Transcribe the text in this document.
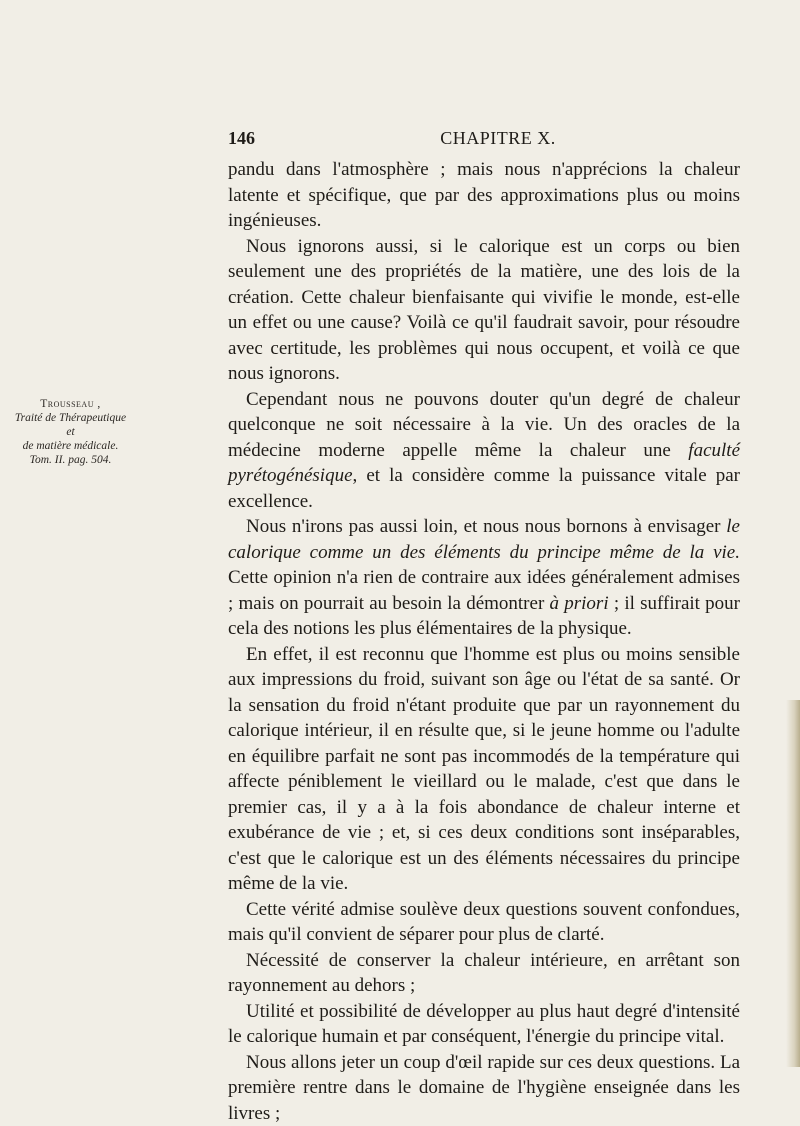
146	CHAPITRE X.
Trousseau ,
Traité de Thérapeutique
et
de matière médicale.
Tom. II. pag. 504.

pandu dans l'atmosphère ; mais nous n'apprécions la chaleur latente et spécifique, que par des approximations plus ou moins ingénieuses.

Nous ignorons aussi, si le calorique est un corps ou bien seulement une des propriétés de la matière, une des lois de la création. Cette chaleur bienfaisante qui vivifie le monde, est-elle un effet ou une cause? Voilà ce qu'il faudrait savoir, pour résoudre avec certitude, les problèmes qui nous occupent, et voilà ce que nous ignorons.

Cependant nous ne pouvons douter qu'un degré de chaleur quelconque ne soit nécessaire à la vie. Un des oracles de la médecine moderne appelle même la chaleur une faculté pyrétogénésique, et la considère comme la puissance vitale par excellence.

Nous n'irons pas aussi loin, et nous nous bornons à envisager le calorique comme un des éléments du principe même de la vie. Cette opinion n'a rien de contraire aux idées généralement admises ; mais on pourrait au besoin la démontrer à priori ; il suffirait pour cela des notions les plus élémentaires de la physique.

En effet, il est reconnu que l'homme est plus ou moins sensible aux impressions du froid, suivant son âge ou l'état de sa santé. Or la sensation du froid n'étant produite que par un rayonnement du calorique intérieur, il en résulte que, si le jeune homme ou l'adulte en équilibre parfait ne sont pas incommodés de la température qui affecte péniblement le vieillard ou le malade, c'est que dans le premier cas, il y a à la fois abondance de chaleur interne et exubérance de vie ; et, si ces deux conditions sont inséparables, c'est que le calorique est un des éléments nécessaires du principe même de la vie.

Cette vérité admise soulève deux questions souvent confondues, mais qu'il convient de séparer pour plus de clarté.

Nécessité de conserver la chaleur intérieure, en arrêtant son rayonnement au dehors ;

Utilité et possibilité de développer au plus haut degré d'intensité le calorique humain et par conséquent, l'énergie du principe vital.

Nous allons jeter un coup d'œil rapide sur ces deux questions. La première rentre dans le domaine de l'hygiène enseignée dans les livres ;
